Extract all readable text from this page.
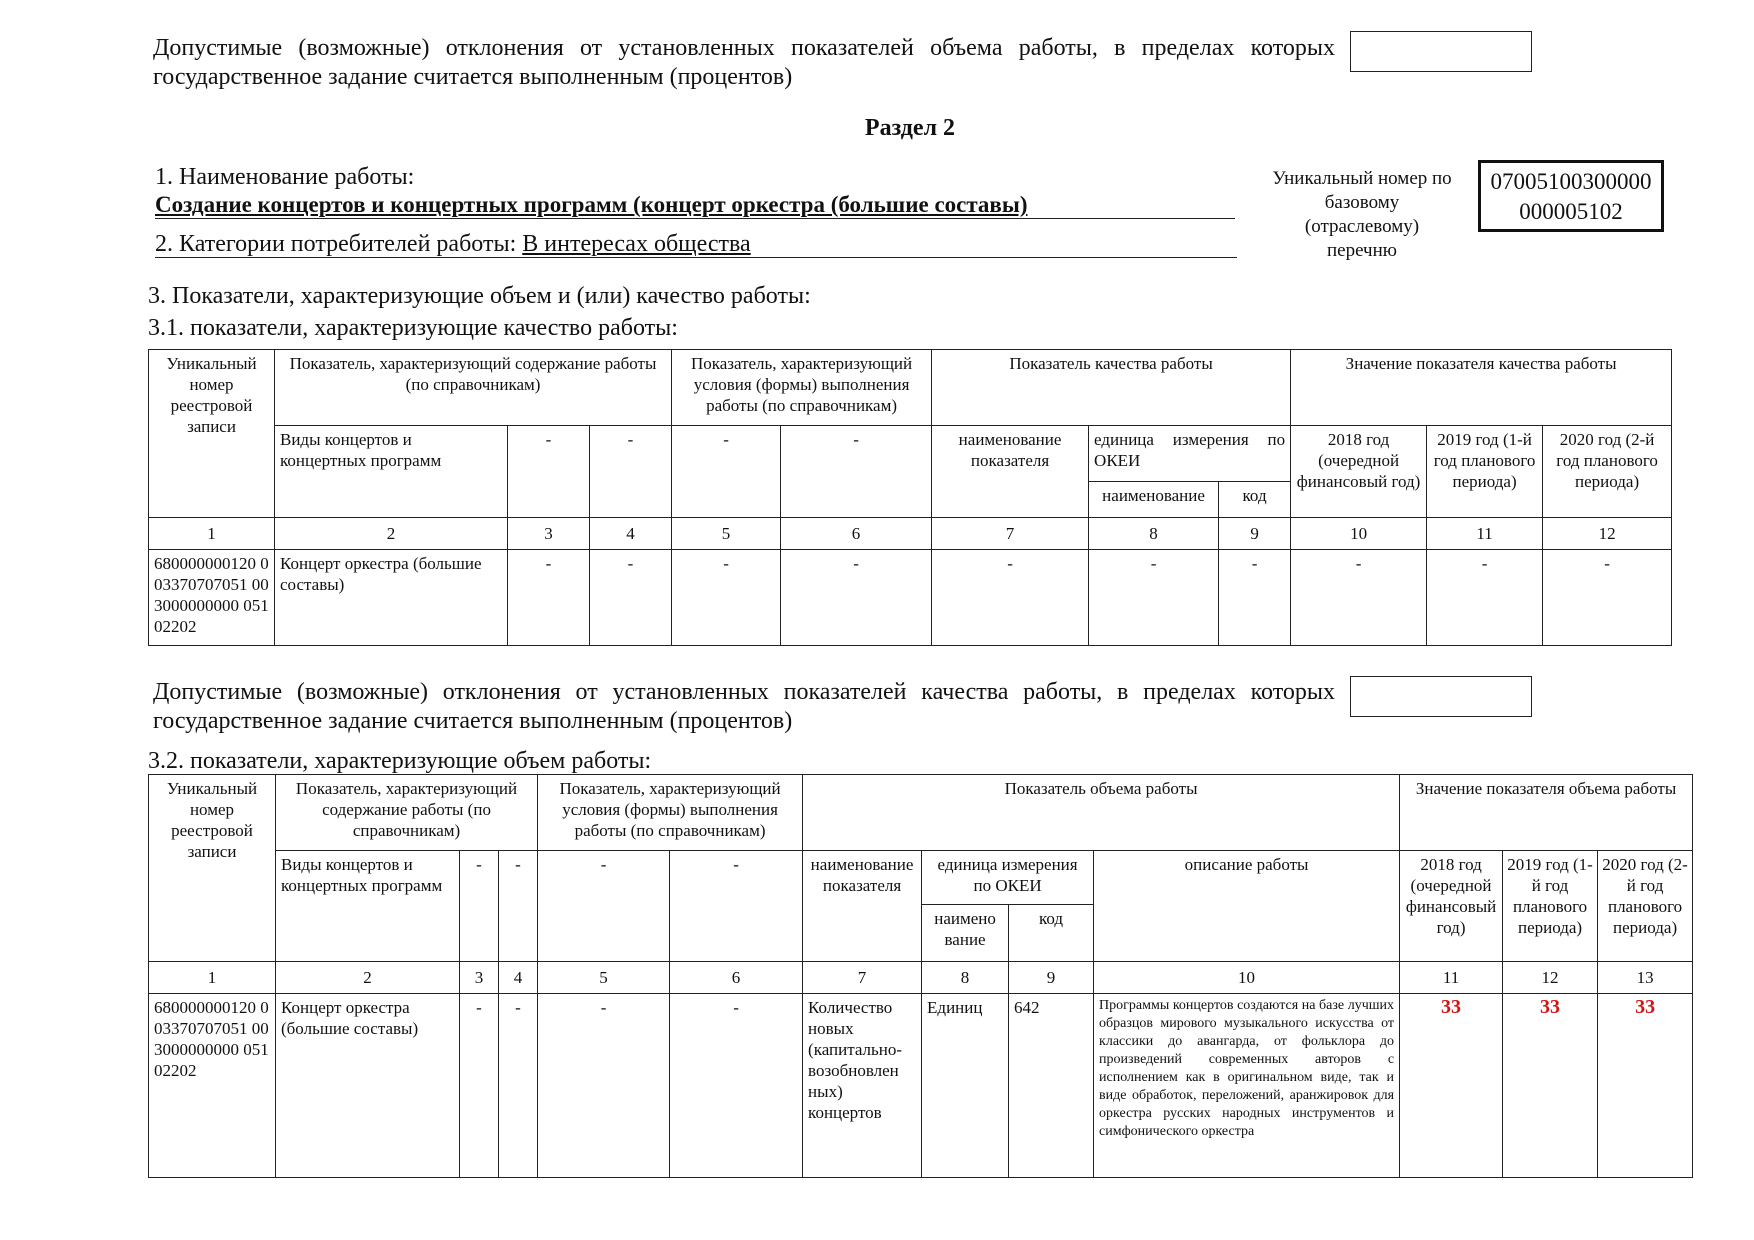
Допустимые (возможные) отклонения от установленных показателей объема работы, в пределах которых
государственное задание считается выполненным (процентов)
Раздел 2
1. Наименование работы:
Создание концертов и концертных программ (концерт оркестра (большие составы)
2. Категории потребителей работы: В интересах общества
Уникальный номер по
базовому
(отраслевому)
перечню
07005100300000
000005102
3. Показатели, характеризующие объем и (или) качество работы:
3.1. показатели, характеризующие качество работы:
Уникальный номер реестровой записи	Показатель, характеризующий содержание работы (по справочникам)			Показатель, характеризующий условия (формы) выполнения работы (по справочникам)		Показатель качества работы			Значение показателя качества работы		
	Виды концертов и концертных программ	-	-	-	-	наименование показателя	единица измерения по ОКЕИ		2018 год (очередной финансовый год)	2019 год (1-й год планового периода)	2020 год (2-й год планового периода)
							наименование	код			
1	2	3	4	5	6	7	8	9	10	11	12
680000000120 003370707051 003000000000 05102202	Концерт оркестра (большие составы)	-	-	-	-	-	-	-	-	-	-
Допустимые (возможные) отклонения от установленных показателей качества работы, в пределах которых
государственное задание считается выполненным (процентов)
3.2. показатели, характеризующие объем работы:
Уникальный номер реестровой записи	Показатель, характеризующий содержание работы (по справочникам)			Показатель, характеризующий условия (формы) выполнения работы (по справочникам)		Показатель объема работы				Значение показателя объема работы		
	Виды концертов и концертных программ	-	-	-	-	наименование показателя	единица измерения по ОКЕИ		описание работы	2018 год (очередной финансовый год)	2019 год (1-й год планового периода)	2020 год (2-й год планового периода)
							наимено вание	код				
1	2	3	4	5	6	7	8	9	10	11	12	13
680000000120 003370707051 003000000000 05102202	Концерт оркестра (большие составы)	-	-	-	-	Количество новых (капитально-возобновлен ных) концертов	Единиц	642	Программы концертов создаются на базе лучших образцов мирового музыкального искусства от классики до авангарда, от фольклора до произведений современных авторов с исполнением как в оригинальном виде, так и виде обработок, переложений, аранжировок для оркестра русских народных инструментов и симфонического оркестра	33	33	33
